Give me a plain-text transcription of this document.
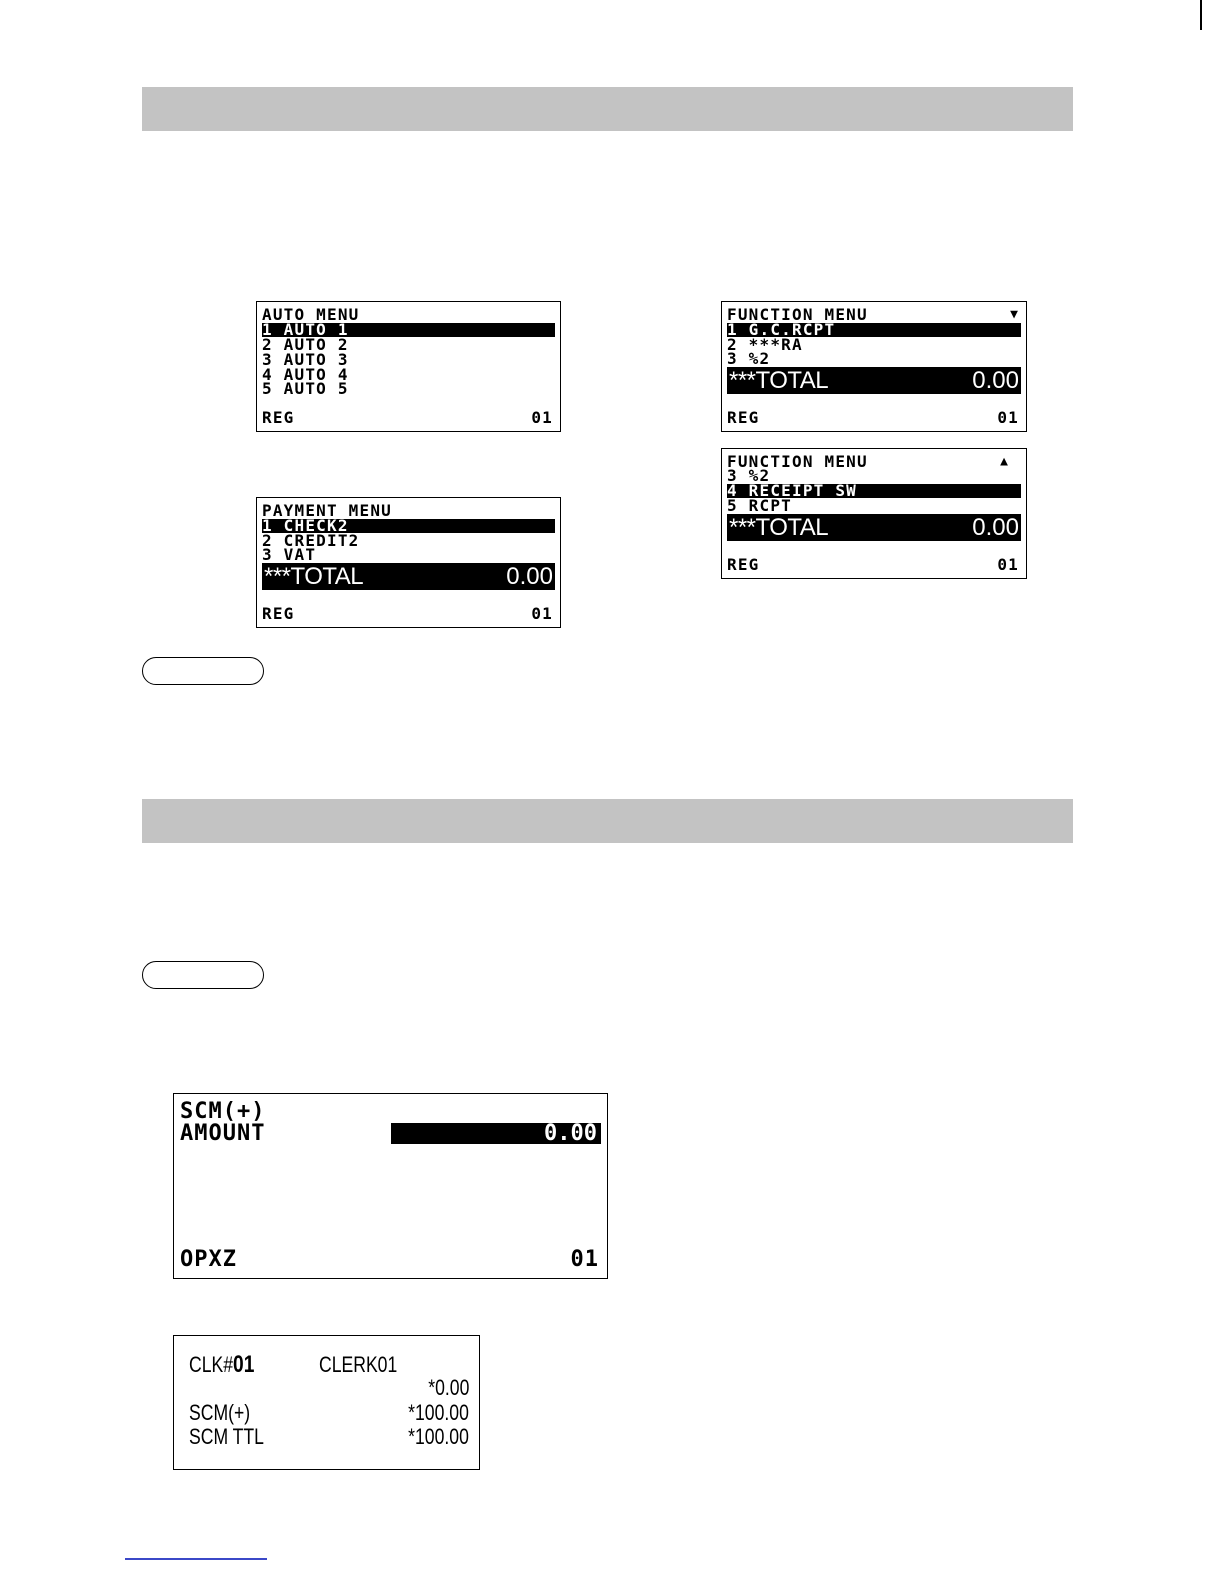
AUTO MENU
1 AUTO 1
2 AUTO 2
3 AUTO 3
4 AUTO 4
5 AUTO 5
REG	01
PAYMENT MENU
1 CHECK2
2 CREDIT2
3 VAT
***TOTAL	0.00
REG	01
FUNCTION MENU	▼
1 G.C.RCPT
2 ***RA
3 %2
***TOTAL	0.00
REG	01
FUNCTION MENU	▲
3 %2
4 RECEIPT SW
5 RCPT
***TOTAL	0.00
REG	01
SCM(+)
AMOUNT	0.00
OPXZ	01
CLK#01	CLERK01
*0.00
SCM(+)	*100.00
SCM TTL	*100.00
